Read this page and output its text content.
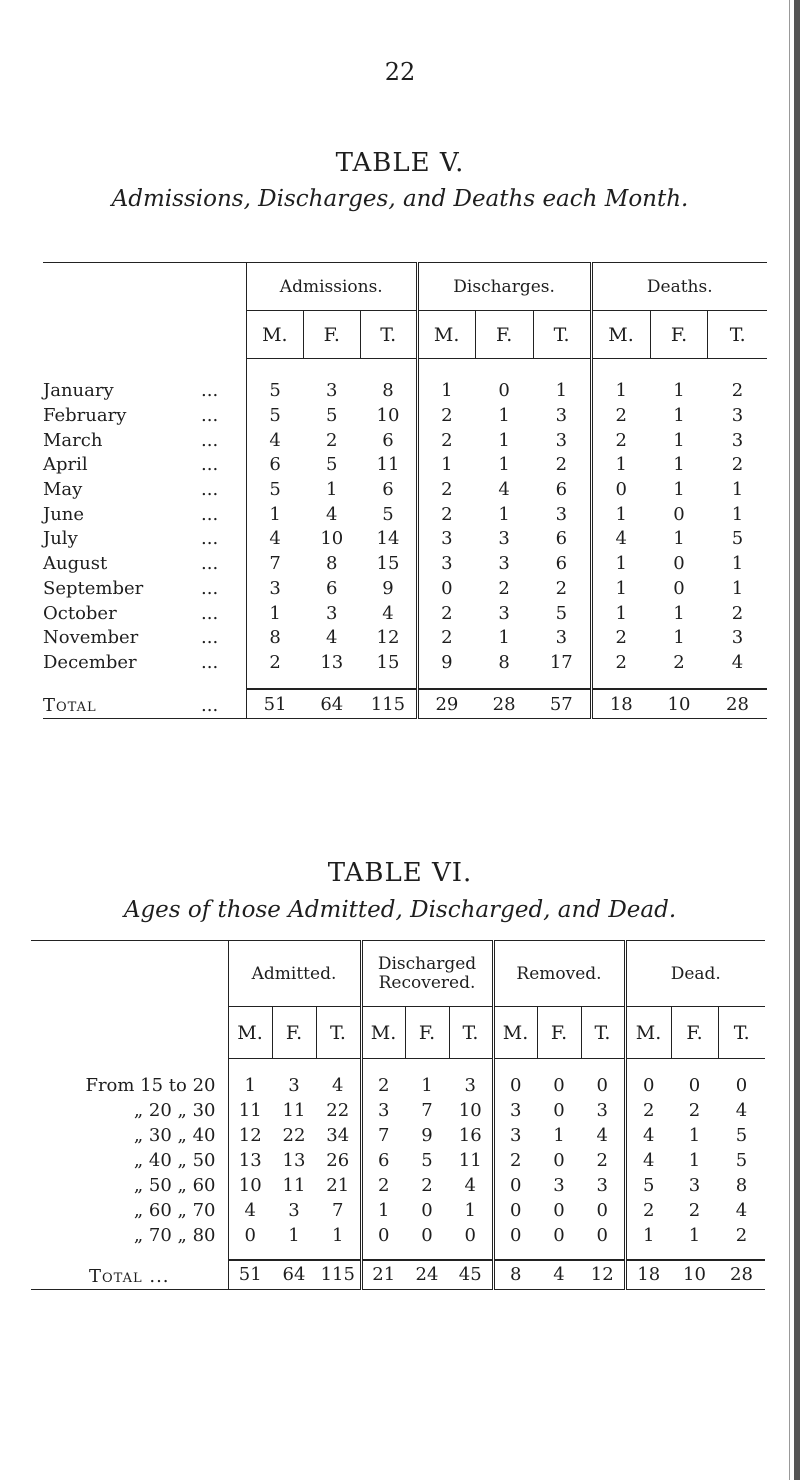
22
TABLE V.
Admissions, Discharges, and Deaths each Month.
	Admissions.			Discharges.			Deaths.		
	M.	F.	T.	M.	F.	T.	M.	F.	T.

January ...	5	3	8	1	0	1	1	1	2
February ...	5	5	10	2	1	3	2	1	3
March ...	4	2	6	2	1	3	2	1	3
April ...	6	5	11	1	1	2	1	1	2
May ...	5	1	6	2	4	6	0	1	1
June ...	1	4	5	2	1	3	1	0	1
July ...	4	10	14	3	3	6	4	1	5
August ...	7	8	15	3	3	6	1	0	1
September ...	3	6	9	0	2	2	1	0	1
October ...	1	3	4	2	3	5	1	1	2
November ...	8	4	12	2	1	3	2	1	3
December ...	2	13	15	9	8	17	2	2	4

Total ...	51	64	115	29	28	57	18	10	28
TABLE VI.
Ages of those Admitted, Discharged, and Dead.
	Admitted.			Discharged Recovered.			Removed.			Dead.		
	M.	F.	T.	M.	F.	T.	M.	F.	T.	M.	F.	T.

From 15 to 20	1	3	4	2	1	3	0	0	0	0	0	0
„ 20 „ 30	11	11	22	3	7	10	3	0	3	2	2	4
„ 30 „ 40	12	22	34	7	9	16	3	1	4	4	1	5
„ 40 „ 50	13	13	26	6	5	11	2	0	2	4	1	5
„ 50 „ 60	10	11	21	2	2	4	0	3	3	5	3	8
„ 60 „ 70	4	3	7	1	0	1	0	0	0	2	2	4
„ 70 „ 80	0	1	1	0	0	0	0	0	0	1	1	2

Total ...	51	64	115	21	24	45	8	4	12	18	10	28
